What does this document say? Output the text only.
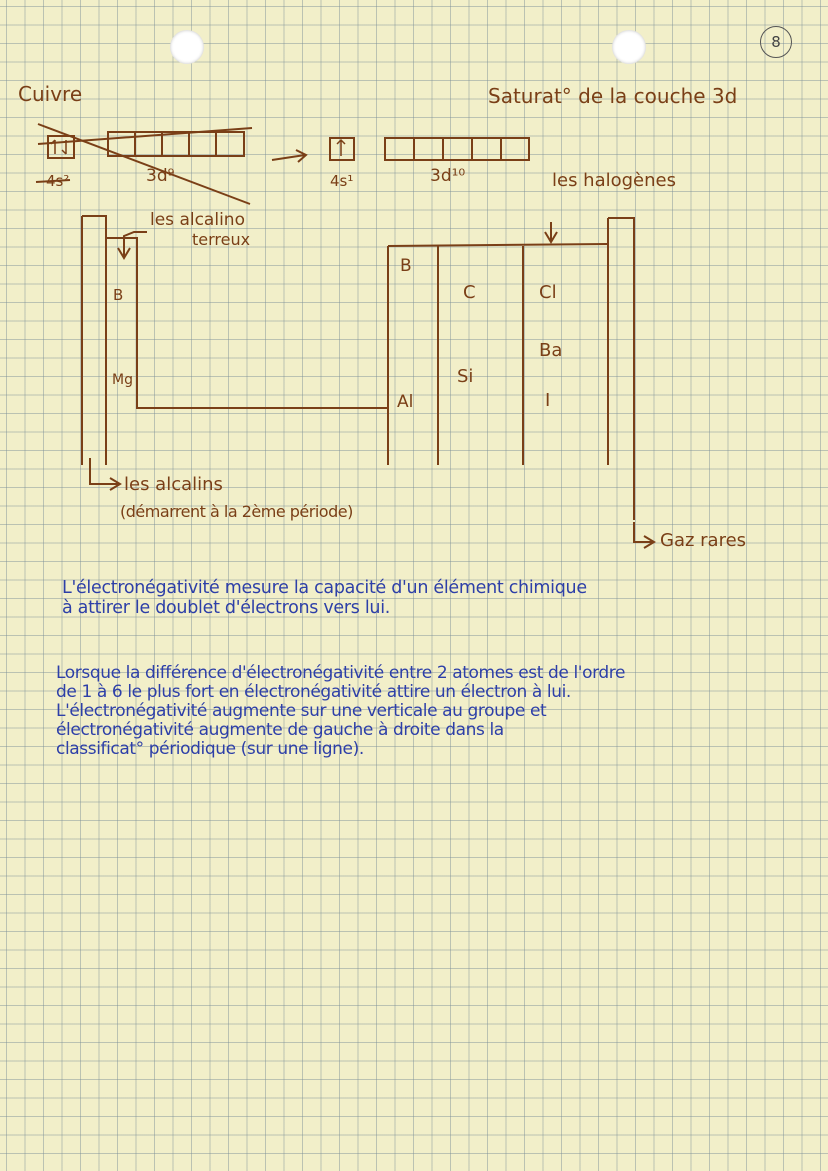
8
Cuivre	Saturat° de la couche 3d
4s²	3d⁹	4s¹	3d¹⁰
les alcalino
terreux
les halogènes
B
Mg
B
Al
C
Si
Cl
Ba
I
les alcalins
(démarrent à la 2ème période)
Gaz rares
L'électronégativité mesure la capacité d'un élément chimique
à attirer le doublet d'électrons vers lui.
Lorsque la différence d'électronégativité entre 2 atomes est de l'ordre
de 1 à 6 le plus fort en électronégativité attire un électron à lui.
L'électronégativité augmente sur une verticale au groupe et
électronégativité augmente de gauche à droite dans la
classificat° périodique (sur une ligne).
